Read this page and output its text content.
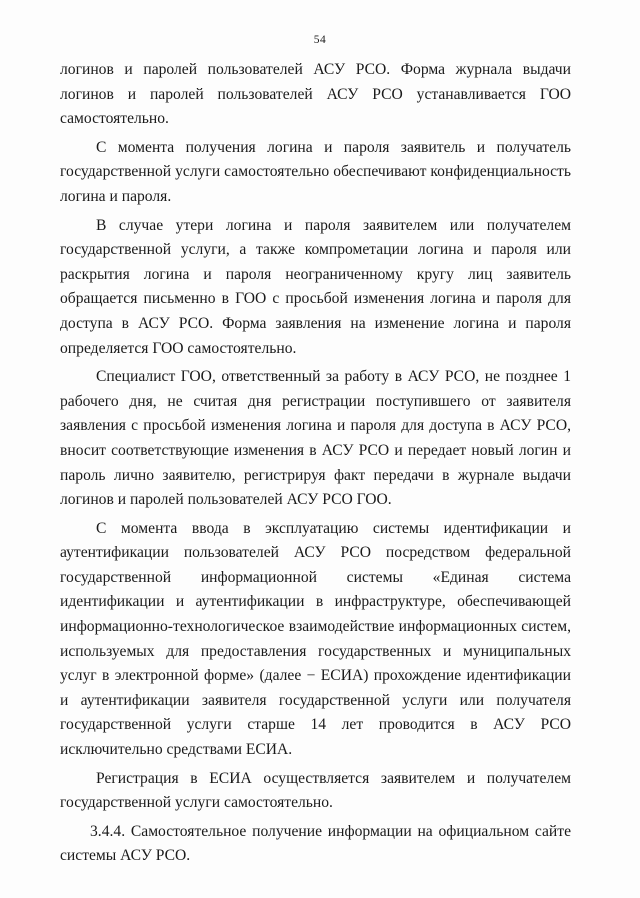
54

логинов и паролей пользователей АСУ РСО. Форма журнала выдачи логинов и паролей пользователей АСУ РСО устанавливается ГОО самостоятельно.

С момента получения логина и пароля заявитель и получатель государственной услуги самостоятельно обеспечивают конфиденциальность логина и пароля.

В случае утери логина и пароля заявителем или получателем государственной услуги, а также компрометации логина и пароля или раскрытия логина и пароля неограниченному кругу лиц заявитель обращается письменно в ГОО с просьбой изменения логина и пароля для доступа в АСУ РСО. Форма заявления на изменение логина и пароля определяется ГОО самостоятельно.

Специалист ГОО, ответственный за работу в АСУ РСО, не позднее 1 рабочего дня, не считая дня регистрации поступившего от заявителя заявления с просьбой изменения логина и пароля для доступа в АСУ РСО, вносит соответствующие изменения в АСУ РСО и передает новый логин и пароль лично заявителю, регистрируя факт передачи в журнале выдачи логинов и паролей пользователей АСУ РСО ГОО.

С момента ввода в эксплуатацию системы идентификации и аутентификации пользователей АСУ РСО посредством федеральной государственной информационной системы «Единая система идентификации и аутентификации в инфраструктуре, обеспечивающей информационно-технологическое взаимодействие информационных систем, используемых для предоставления государственных и муниципальных услуг в электронной форме» (далее − ЕСИА) прохождение идентификации и аутентификации заявителя государственной услуги или получателя государственной услуги старше 14 лет проводится в АСУ РСО исключительно средствами ЕСИА.

Регистрация в ЕСИА осуществляется заявителем и получателем государственной услуги самостоятельно.

3.4.4. Самостоятельное получение информации на официальном сайте системы АСУ РСО.
